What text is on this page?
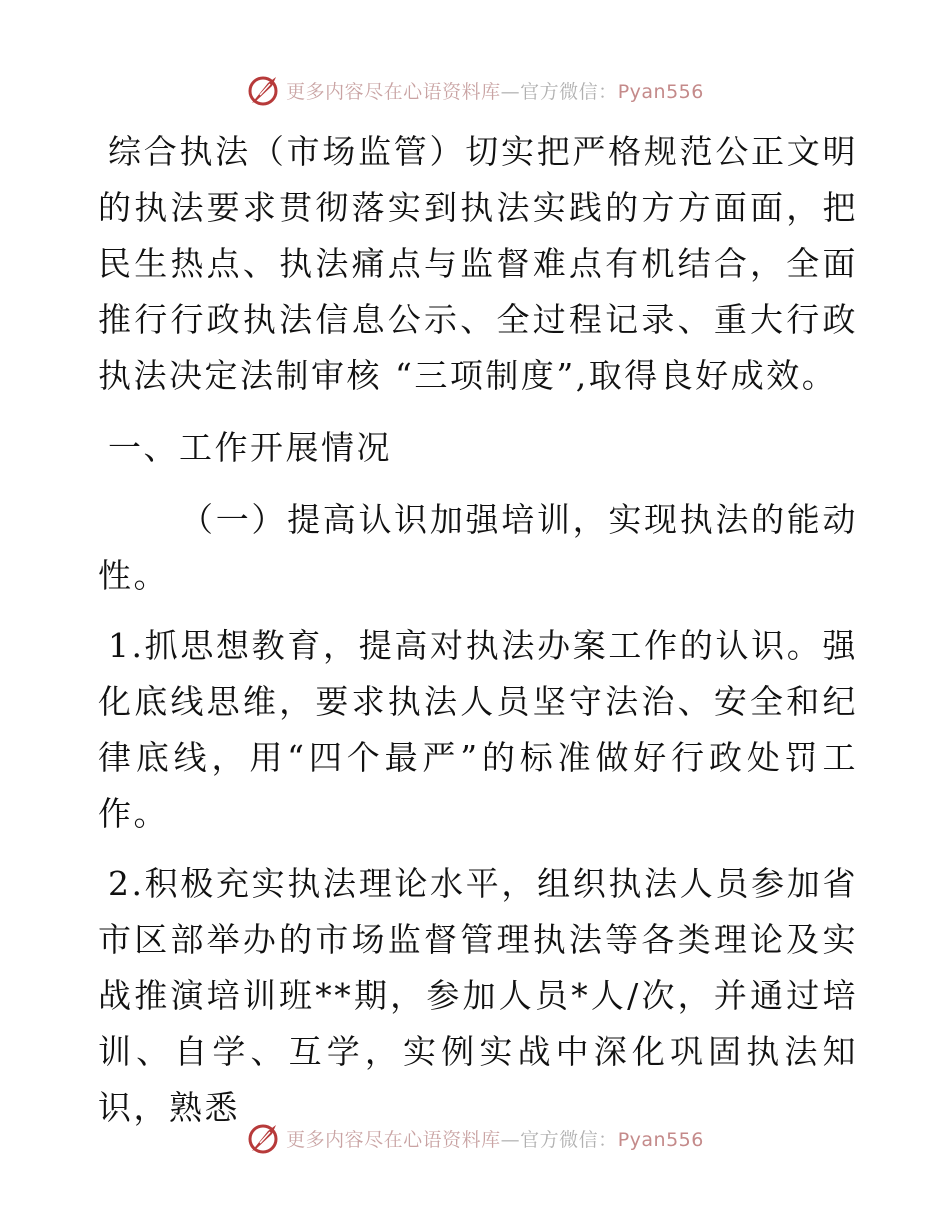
更多内容尽在心语资料库—官方微信：Pyan556

综合执法（市场监管）切实把严格规范公正文明的执法要求贯彻落实到执法实践的方方面面，把民生热点、执法痛点与监督难点有机结合，全面推行行政执法信息公示、全过程记录、重大行政执法决定法制审核 “三项制度”,取得良好成效。

一、工作开展情况

（一）提高认识加强培训，实现执法的能动性。

1.抓思想教育，提高对执法办案工作的认识。强化底线思维，要求执法人员坚守法治、安全和纪律底线，用“四个最严”的标准做好行政处罚工作。

2.积极充实执法理论水平，组织执法人员参加省市区部举办的市场监督管理执法等各类理论及实战推演培训班**期，参加人员*人/次，并通过培训、自学、互学，实例实战中深化巩固执法知识，熟悉

更多内容尽在心语资料库—官方微信：Pyan556
